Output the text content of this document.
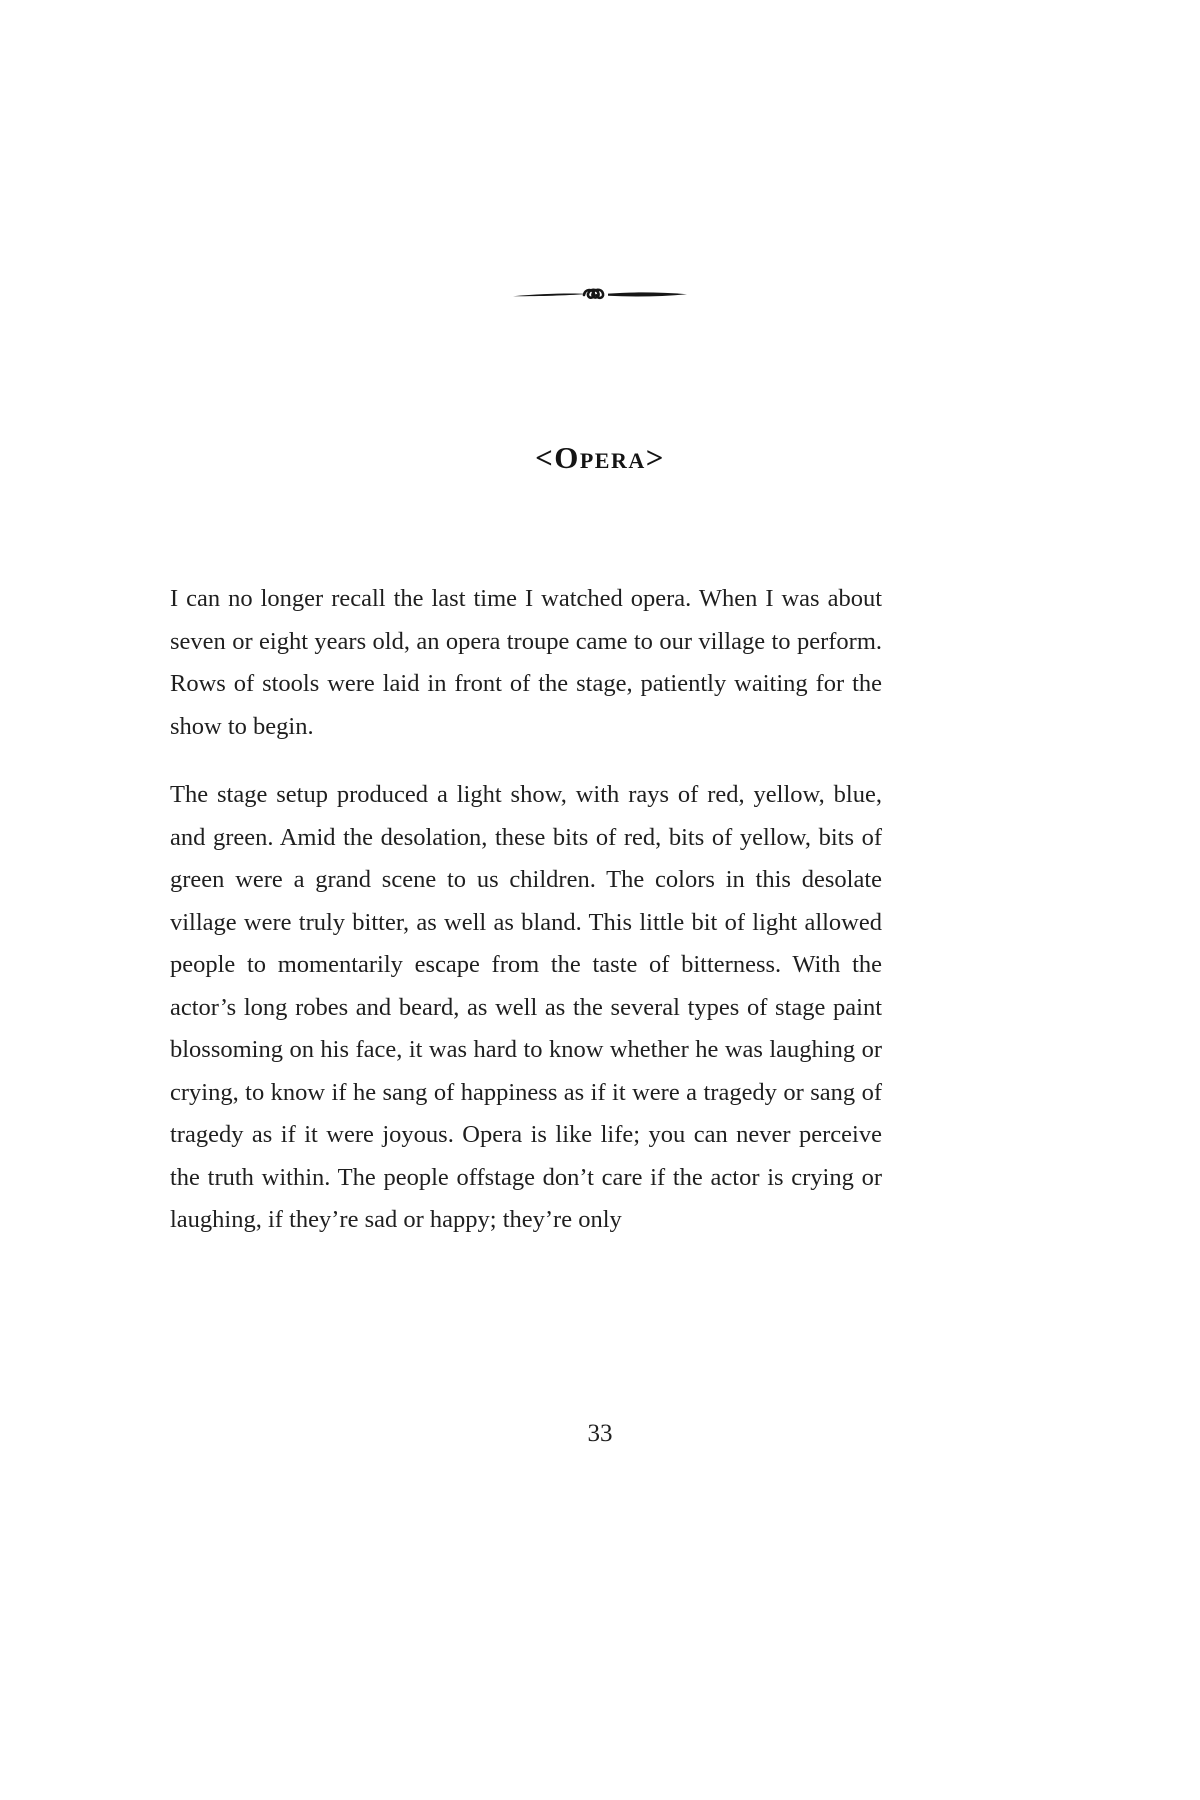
<Opera>

I can no longer recall the last time I watched opera. When I was about seven or eight years old, an opera troupe came to our village to perform. Rows of stools were laid in front of the stage, patiently waiting for the show to begin.

The stage setup produced a light show, with rays of red, yellow, blue, and green. Amid the desolation, these bits of red, bits of yellow, bits of green were a grand scene to us children. The colors in this desolate village were truly bitter, as well as bland. This little bit of light allowed people to momentarily escape from the taste of bitterness. With the actor’s long robes and beard, as well as the several types of stage paint blossoming on his face, it was hard to know whether he was laughing or crying, to know if he sang of happiness as if it were a tragedy or sang of tragedy as if it were joyous. Opera is like life; you can never perceive the truth within. The people offstage don’t care if the actor is crying or laughing, if they’re sad or happy; they’re only

33
